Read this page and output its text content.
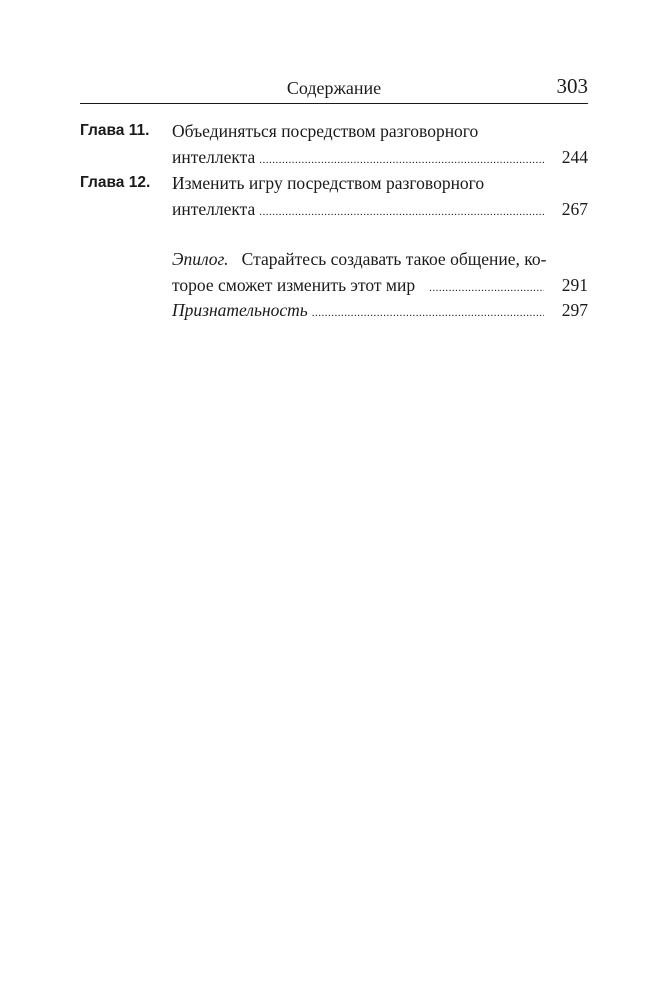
Содержание	303
Глава 11. Объединяться посредством разговорного
интеллекта .....	244
Глава 12. Изменить игру посредством разговорного
интеллекта .....	267
Эпилог. Старайтесь создавать такое общение, ко-
торое сможет изменить этот мир .....	291
Признательность .....	297
